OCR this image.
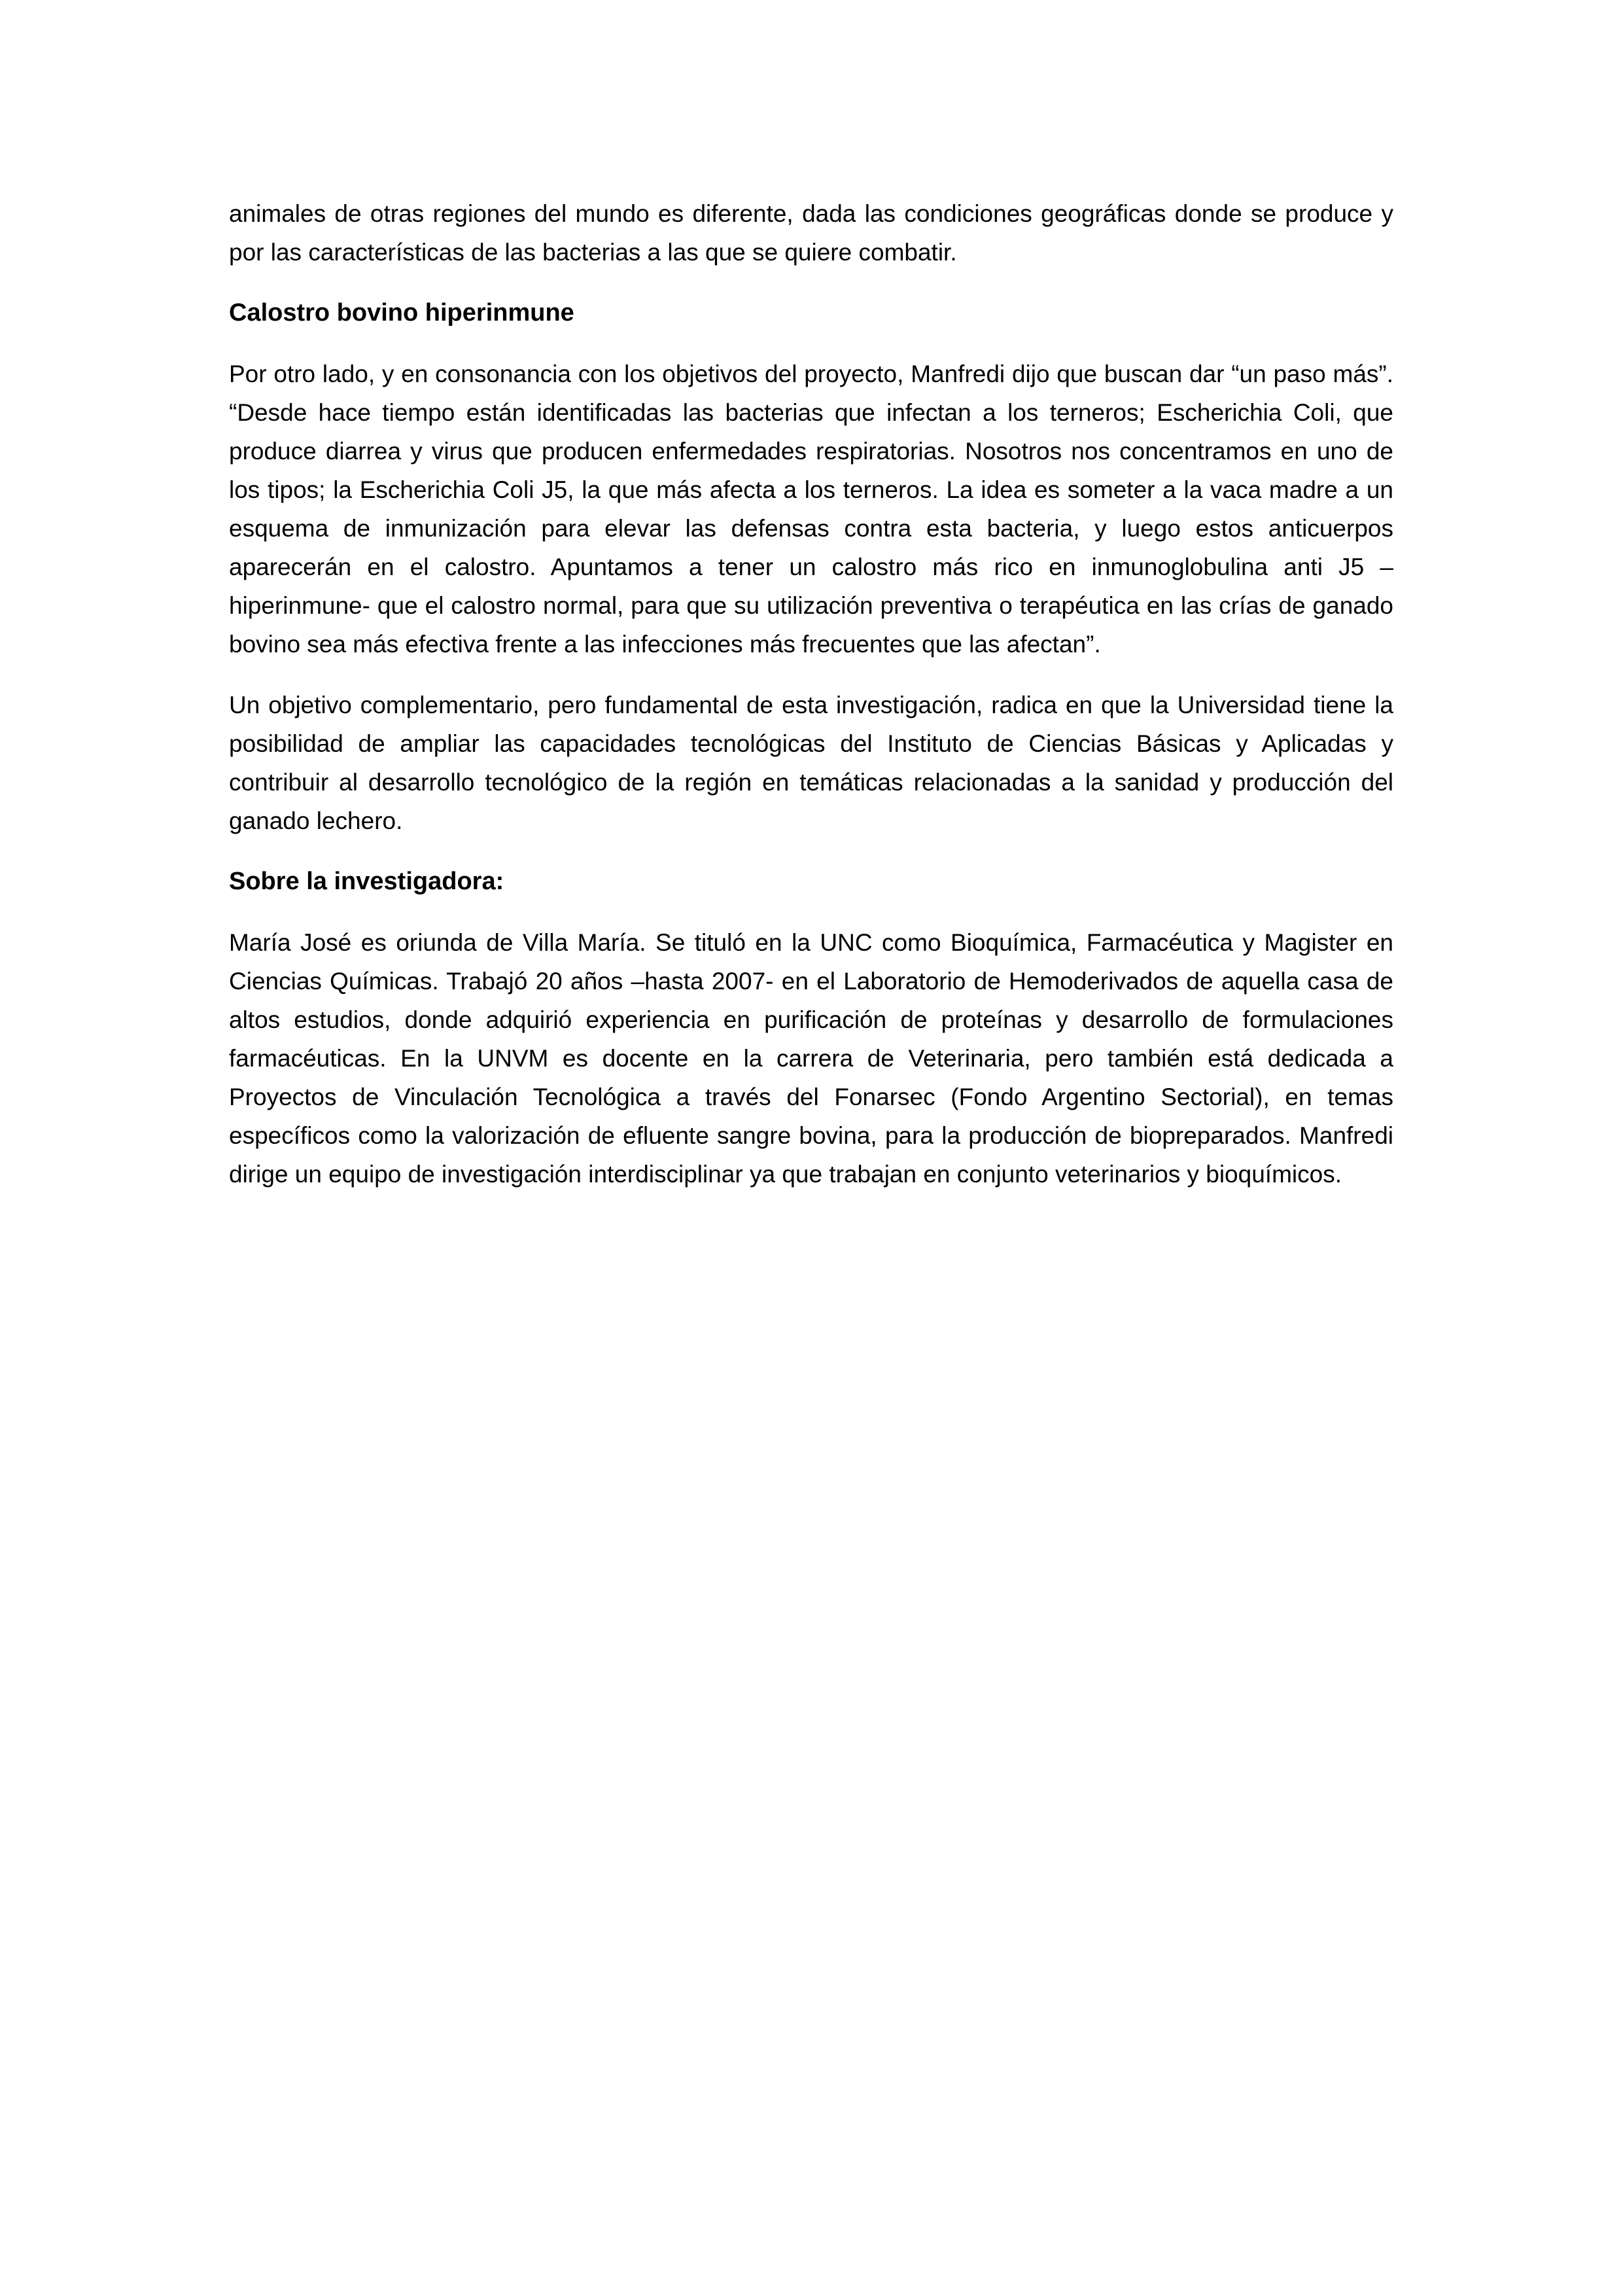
animales de otras regiones del mundo es diferente, dada las condiciones geográficas donde se produce y por las características de las bacterias a las que se quiere combatir.

Calostro bovino hiperinmune

Por otro lado, y en consonancia con los objetivos del proyecto, Manfredi dijo que buscan dar “un paso más”. “Desde hace tiempo están identificadas las bacterias que infectan a los terneros; Escherichia Coli, que produce diarrea y virus que producen enfermedades respiratorias. Nosotros nos concentramos en uno de los tipos; la Escherichia Coli J5, la que más afecta a los terneros. La idea es someter a la vaca madre a un esquema de inmunización para elevar las defensas contra esta bacteria, y luego estos anticuerpos aparecerán en el calostro. Apuntamos a tener un calostro más rico en inmunoglobulina anti J5 –hiperinmune- que el calostro normal, para que su utilización preventiva o terapéutica en las crías de ganado bovino sea más efectiva frente a las infecciones más frecuentes que las afectan”.

Un objetivo complementario, pero fundamental de esta investigación, radica en que la Universidad tiene la posibilidad de ampliar las capacidades tecnológicas del Instituto de Ciencias Básicas y Aplicadas y contribuir al desarrollo tecnológico de la región en temáticas relacionadas a la sanidad y producción del ganado lechero.

Sobre la investigadora:

María José es oriunda de Villa María. Se tituló en la UNC como Bioquímica, Farmacéutica y Magister en Ciencias Químicas. Trabajó 20 años –hasta 2007- en el Laboratorio de Hemoderivados de aquella casa de altos estudios, donde adquirió experiencia en purificación de proteínas y desarrollo de formulaciones farmacéuticas. En la UNVM es docente en la carrera de Veterinaria, pero también está dedicada a Proyectos de Vinculación Tecnológica a través del Fonarsec (Fondo Argentino Sectorial), en temas específicos como la valorización de efluente sangre bovina, para la producción de biopreparados. Manfredi dirige un equipo de investigación interdisciplinar ya que trabajan en conjunto veterinarios y bioquímicos.
